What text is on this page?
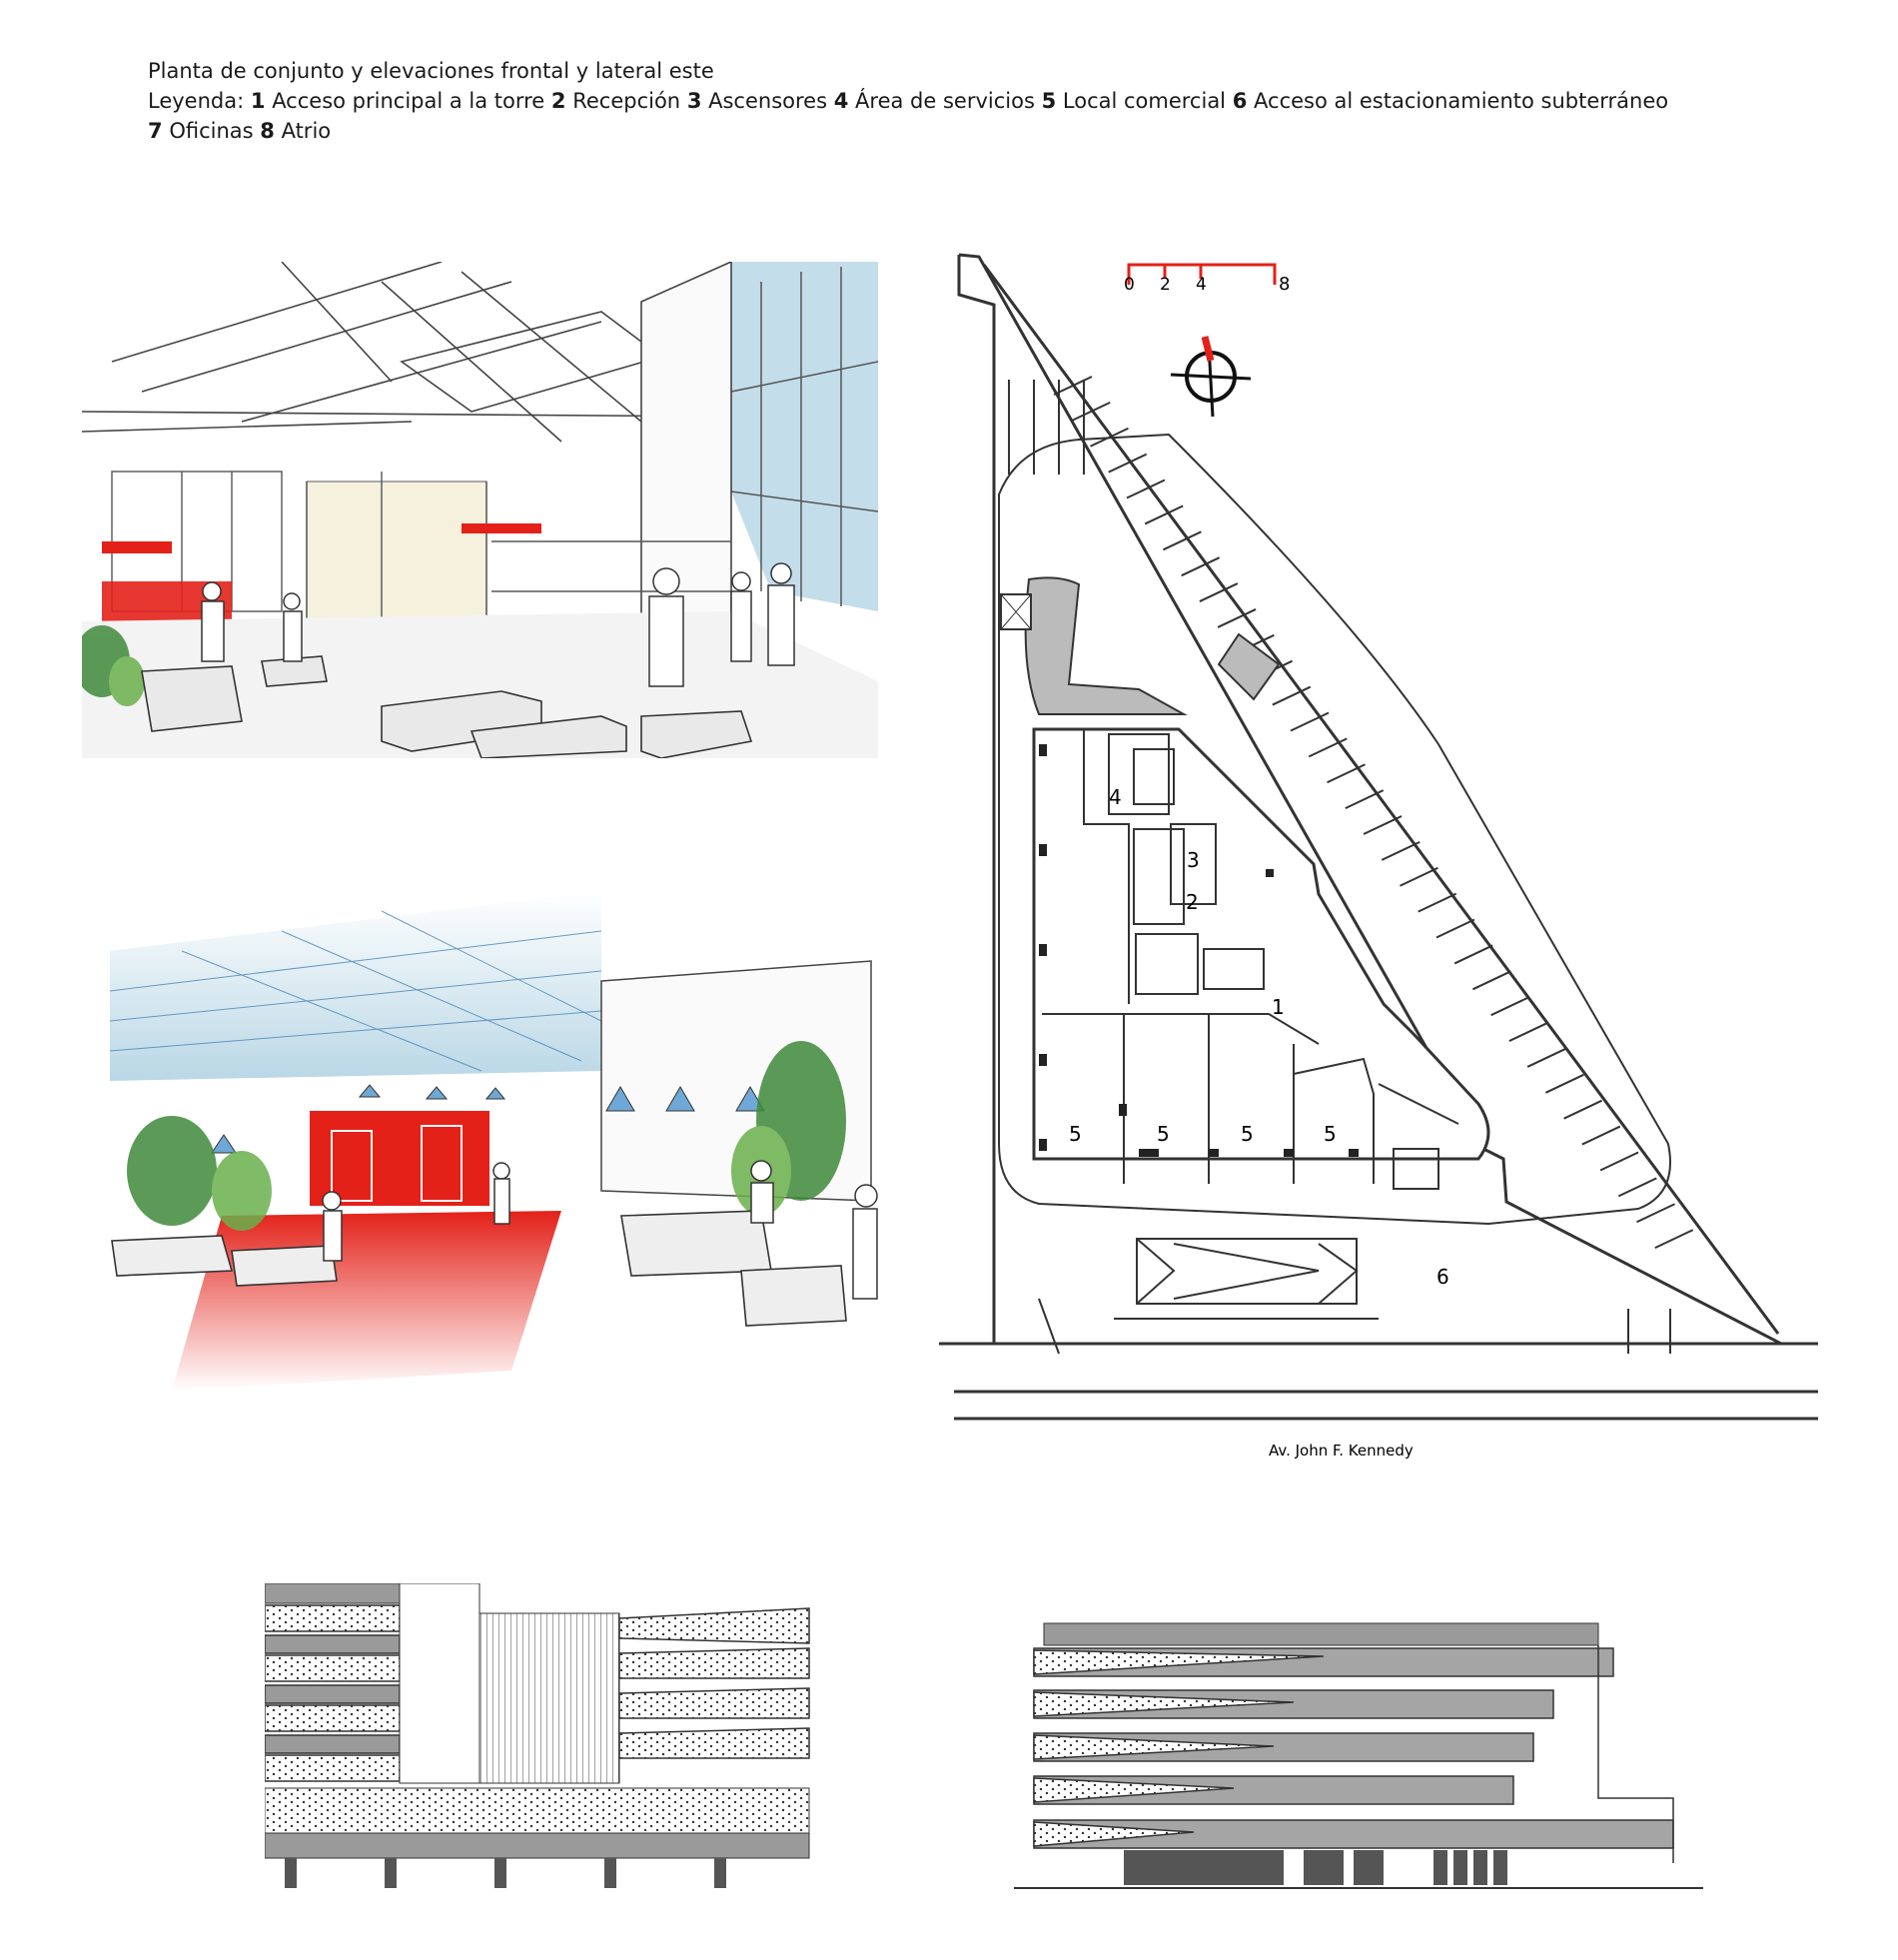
Planta de conjunto y elevaciones frontal y lateral este
Leyenda: 1 Acceso principal a la torre 2 Recepción 3 Ascensores 4 Área de servicios 5 Local comercial 6 Acceso al estacionamiento subterráneo
7 Oficinas 8 Atrio
0 2 4	8
1
2
3
4
5	5	5	5
6
Av. John F. Kennedy
